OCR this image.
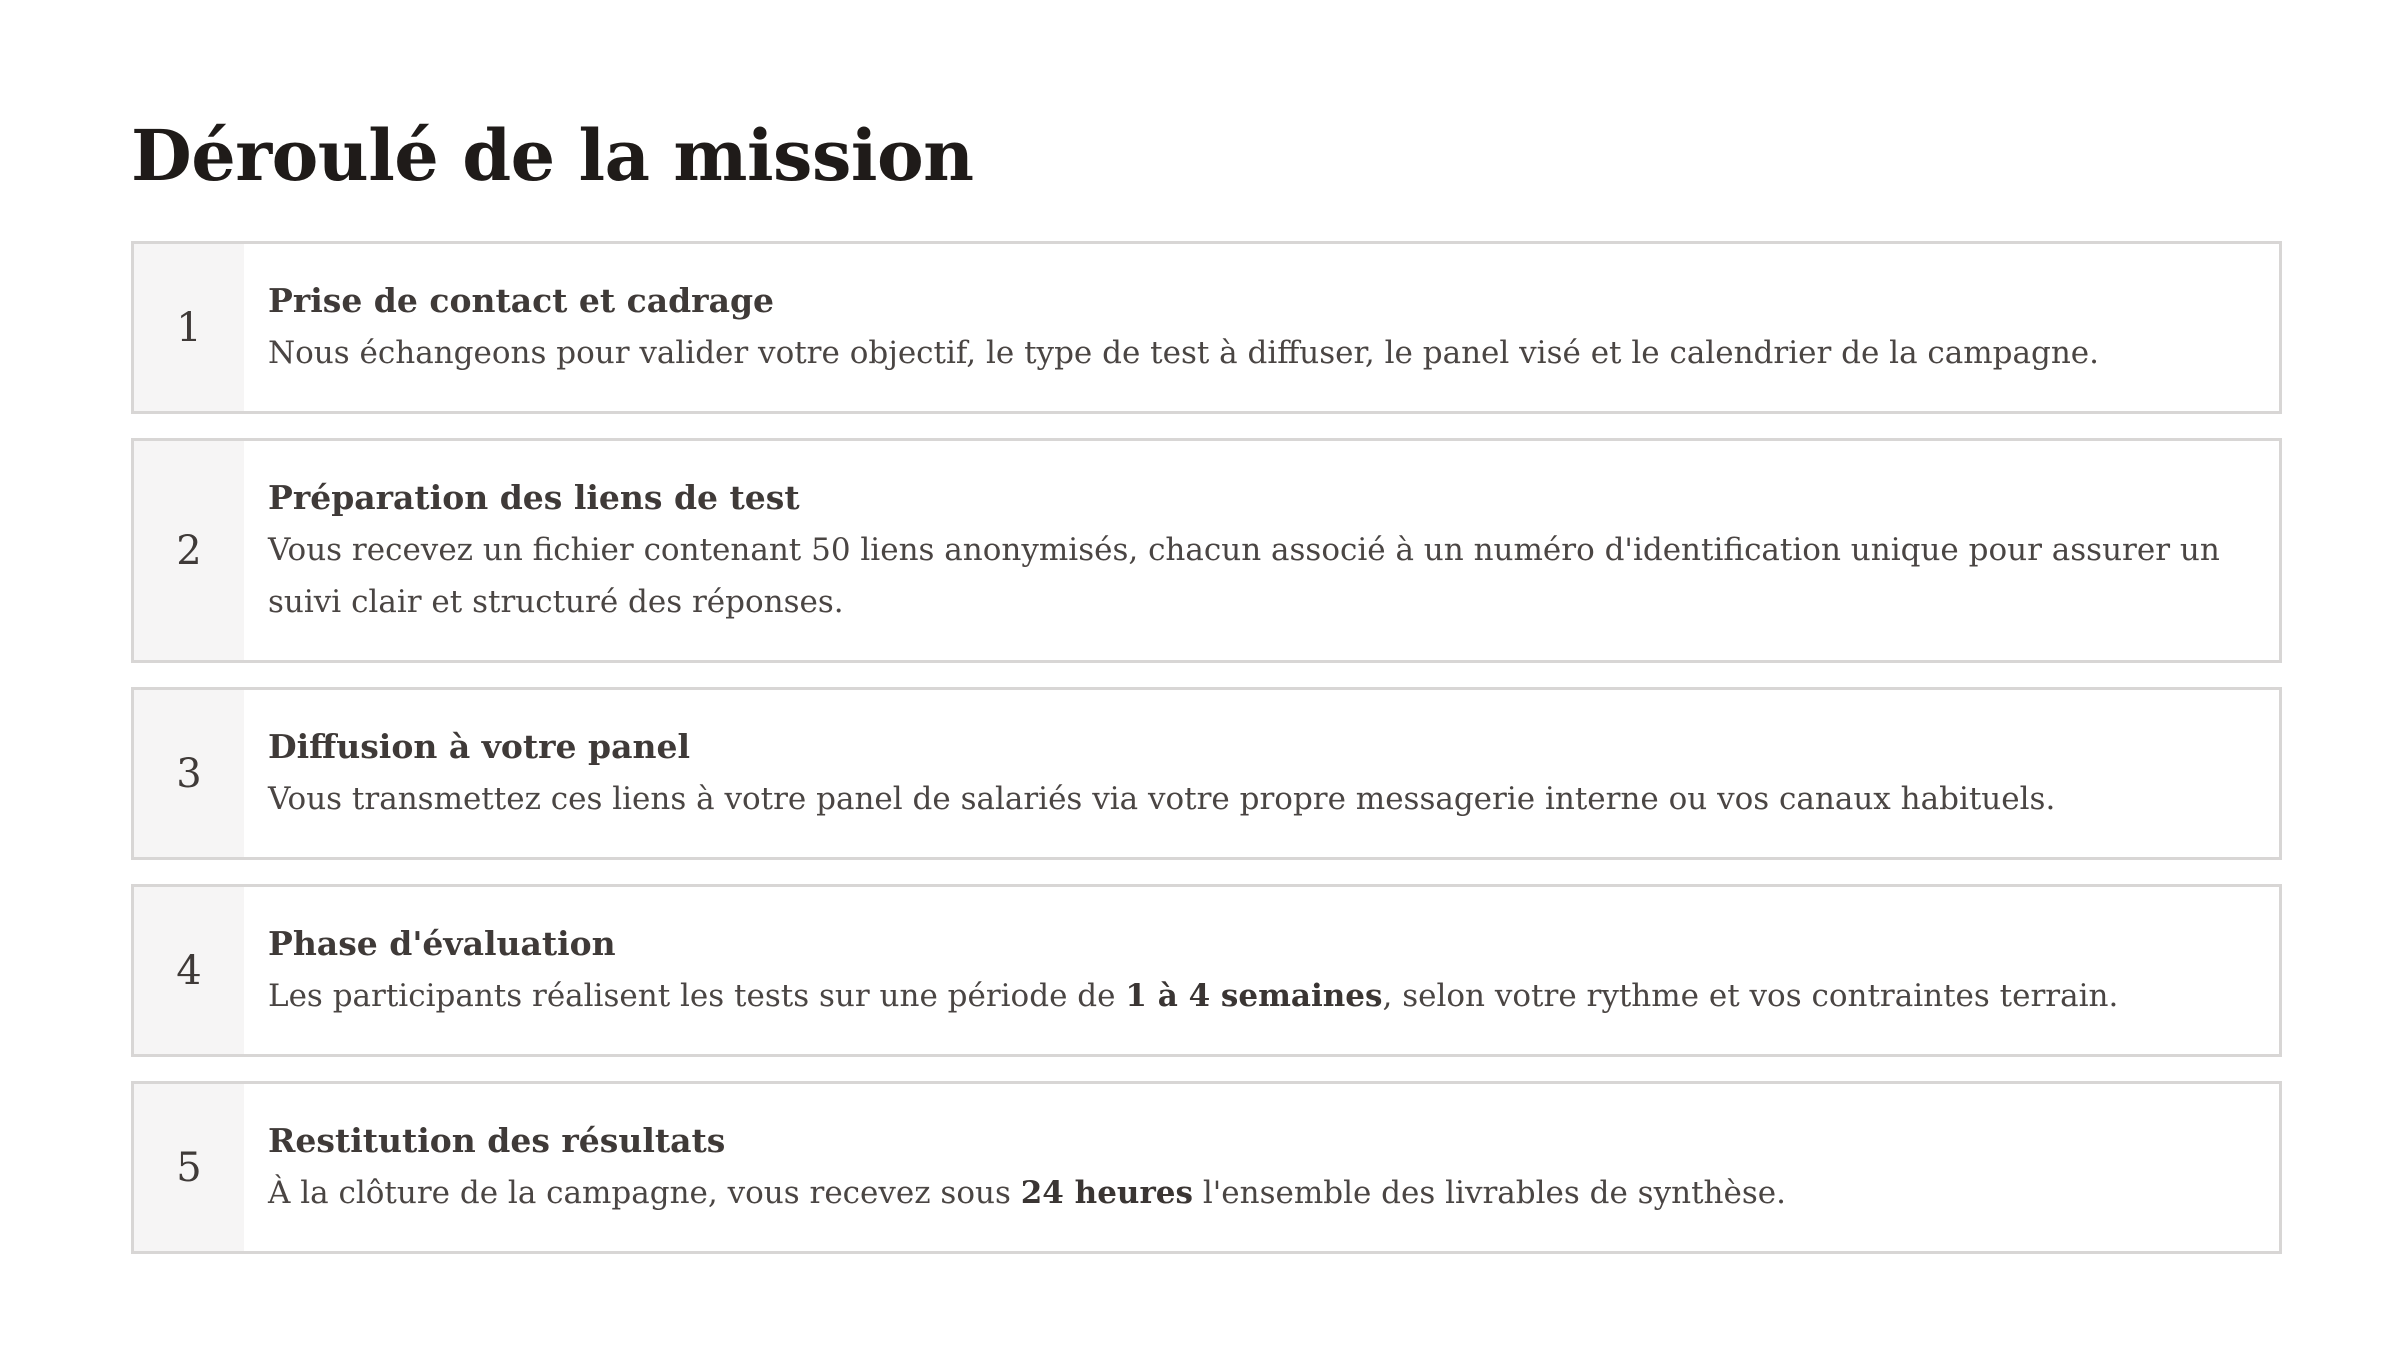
Déroulé de la mission
1
Prise de contact et cadrage
Nous échangeons pour valider votre objectif, le type de test à diffuser, le panel visé et le calendrier de la campagne.
2
Préparation des liens de test
Vous recevez un fichier contenant 50 liens anonymisés, chacun associé à un numéro d'identification unique pour assurer un suivi clair et structuré des réponses.
3
Diffusion à votre panel
Vous transmettez ces liens à votre panel de salariés via votre propre messagerie interne ou vos canaux habituels.
4
Phase d'évaluation
Les participants réalisent les tests sur une période de 1 à 4 semaines, selon votre rythme et vos contraintes terrain.
5
Restitution des résultats
À la clôture de la campagne, vous recevez sous 24 heures l'ensemble des livrables de synthèse.
